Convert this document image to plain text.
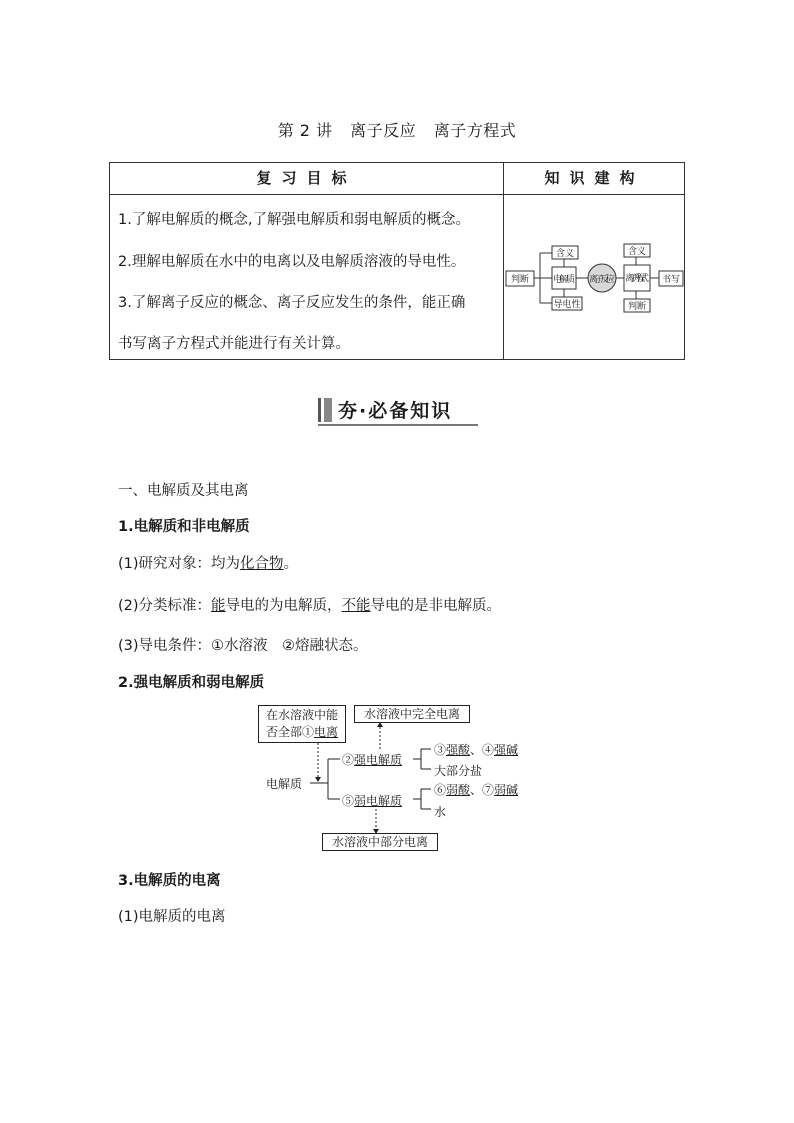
第 2 讲 离子反应 离子方程式
复习目标	知识建构
1.了解电解质的概念,了解强电解质和弱电解质的概念。
2.理解电解质在水中的电离以及电解质溶液的导电性。
3.了解离子反应的概念、离子反应发生的条件，能正确
书写离子方程式并能进行有关计算。
判断
含义
电解质
导电性
离子反应
含义
离子方程式 书写
判断
夯·必备知识
一、电解质及其电离
1.电解质和非电解质
(1)研究对象：均为化合物。
(2)分类标准：能导电的为电解质，不能导电的是非电解质。
(3)导电条件：①水溶液　②熔融状态。
2.强电解质和弱电解质
在水溶液中能
否全部①电离
水溶液中完全电离
水溶液中部分电离
电解质
②强电解质
⑤弱电解质
③强酸、④强碱
大部分盐
⑥弱酸、⑦弱碱
水
3.电解质的电离
(1)电解质的电离
